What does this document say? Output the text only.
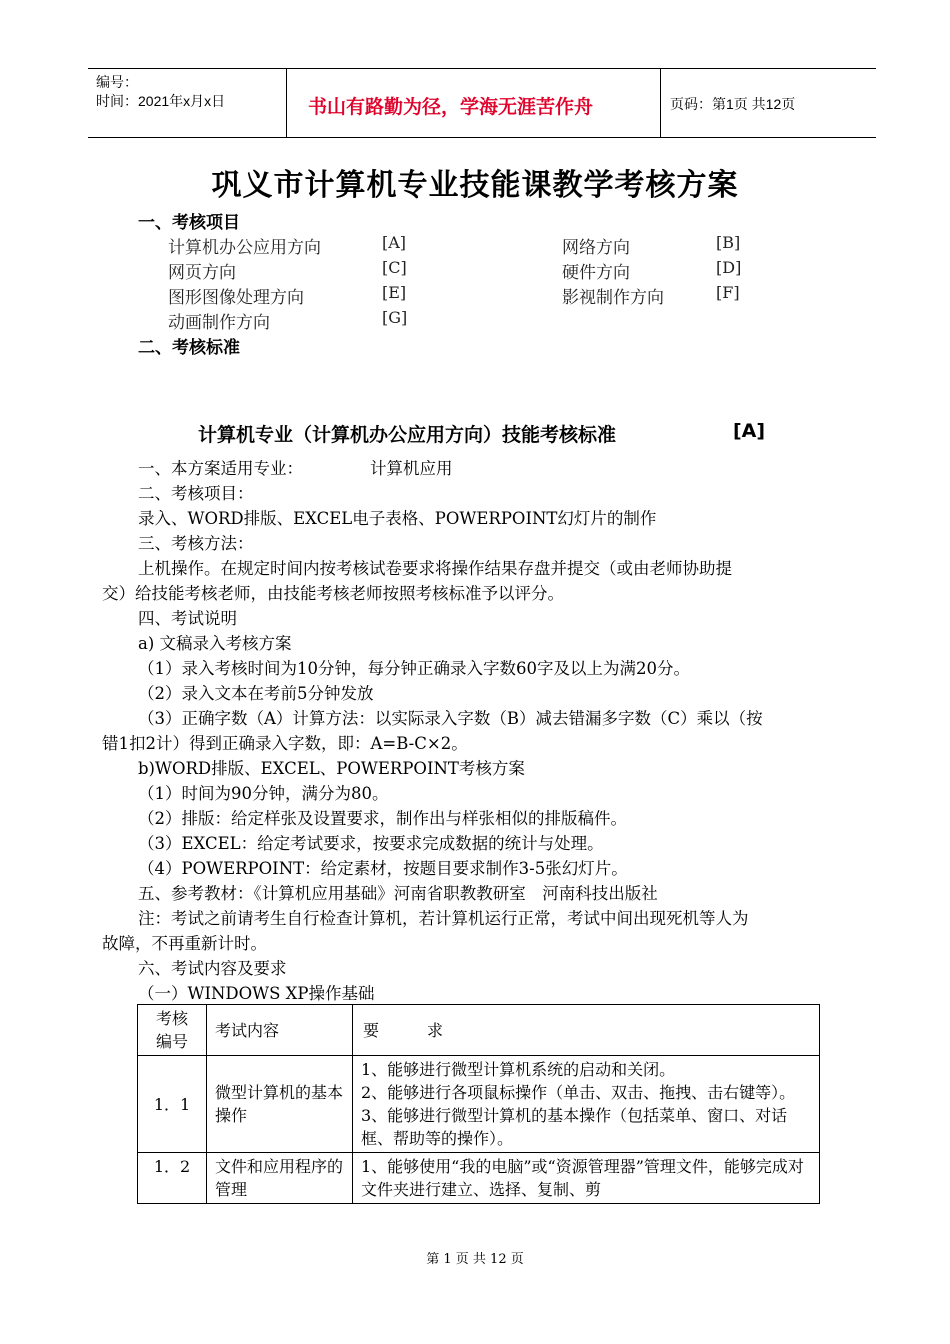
编号：
时间：2021年x月x日	书山有路勤为径，学海无涯苦作舟	页码：第1页 共12页
巩义市计算机专业技能课教学考核方案
一、考核项目
计算机办公应用方向	[A]	网络方向	[B]
网页方向	[C]	硬件方向	[D]
图形图像处理方向	[E]	影视制作方向	[F]
动画制作方向	[G]
二、考核标准
计算机专业（计算机办公应用方向）技能考核标准	[A]
一、本方案适用专业：	计算机应用
二、考核项目：
录入、WORD排版、EXCEL电子表格、POWERPOINT幻灯片的制作
三、考核方法：
上机操作。在规定时间内按考核试卷要求将操作结果存盘并提交（或由老师协助提
交）给技能考核老师，由技能考核老师按照考核标准予以评分。
四、考试说明
a) 文稿录入考核方案
（1）录入考核时间为10分钟，每分钟正确录入字数60字及以上为满20分。
（2）录入文本在考前5分钟发放
（3）正确字数（A）计算方法：以实际录入字数（B）减去错漏多字数（C）乘以（按
错1扣2计）得到正确录入字数，即：A=B-C×2。
b)WORD排版、EXCEL、POWERPOINT考核方案
（1）时间为90分钟，满分为80。
（2）排版：给定样张及设置要求，制作出与样张相似的排版稿件。
（3）EXCEL：给定考试要求，按要求完成数据的统计与处理。
（4）POWERPOINT：给定素材，按题目要求制作3-5张幻灯片。
五、参考教材：《计算机应用基础》河南省职教教研室　河南科技出版社
注：考试之前请考生自行检查计算机，若计算机运行正常，考试中间出现死机等人为
故障，不再重新计时。
六、考试内容及要求
（一）WINDOWS XP操作基础
考核
编号	考试内容	要　　　求
1．1	微型计算机的基本操作	1、能够进行微型计算机系统的启动和关闭。
2、能够进行各项鼠标操作（单击、双击、拖拽、击右键等）。
3、能够进行微型计算机的基本操作（包括菜单、窗口、对话框、帮助等的操作）。

1．2	文件和应用程序的管理	1、能够使用“我的电脑”或“资源管理器”管理文件，能够完成对文件夹进行建立、选择、复制、剪
第 1 页 共 12 页
